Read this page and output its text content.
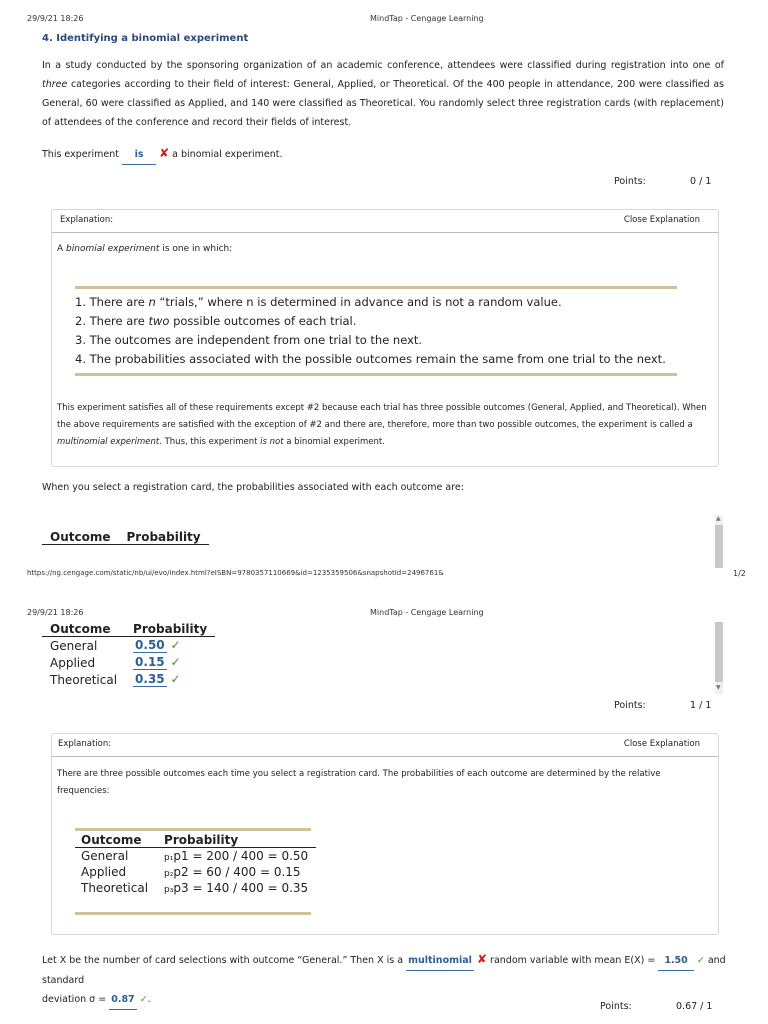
29/9/21 18:26	MindTap - Cengage Learning
4. Identifying a binomial experiment
In a study conducted by the sponsoring organization of an academic conference, attendees were classified during registration into one of three categories according to their field of interest: General, Applied, or Theoretical. Of the 400 people in attendance, 200 were classified as General, 60 were classified as Applied, and 140 were classified as Theoretical. You randomly select three registration cards (with replacement) of attendees of the conference and record their fields of interest.
This experiment is ✘ a binomial experiment.
Points:	0 / 1
Explanation:	Close Explanation
A binomial experiment is one in which:
1. There are n “trials,” where n is determined in advance and is not a random value.
2. There are two possible outcomes of each trial.
3. The outcomes are independent from one trial to the next.
4. The probabilities associated with the possible outcomes remain the same from one trial to the next.
This experiment satisfies all of these requirements except #2 because each trial has three possible outcomes (General, Applied, and Theoretical). When the above requirements are satisfied with the exception of #2 and there are, therefore, more than two possible outcomes, the experiment is called a multinomial experiment. Thus, this experiment is not a binomial experiment.
When you select a registration card, the probabilities associated with each outcome are:
Outcome	Probability
▲
https://ng.cengage.com/static/nb/ui/evo/index.html?eISBN=9780357110669&id=1235359506&snapshotId=2496761&	1/2
29/9/21 18:26	MindTap - Cengage Learning
Outcome	Probability
General	0.50 ✓
Applied	0.15 ✓
Theoretical	0.35 ✓
▼
Points:	1 / 1
Explanation:	Close Explanation
There are three possible outcomes each time you select a registration card. The probabilities of each outcome are determined by the relative frequencies:
Outcome	Probability
General	p₁p1 = 200 / 400 = 0.50
Applied	p₂p2 = 60 / 400 = 0.15
Theoretical	p₃p3 = 140 / 400 = 0.35
Let X be the number of card selections with outcome “General.” Then X is a multinomial ✘ random variable with mean E(X) = 1.50 ✓ and standard
deviation σ = 0.87 ✓.
Points:	0.67 / 1
